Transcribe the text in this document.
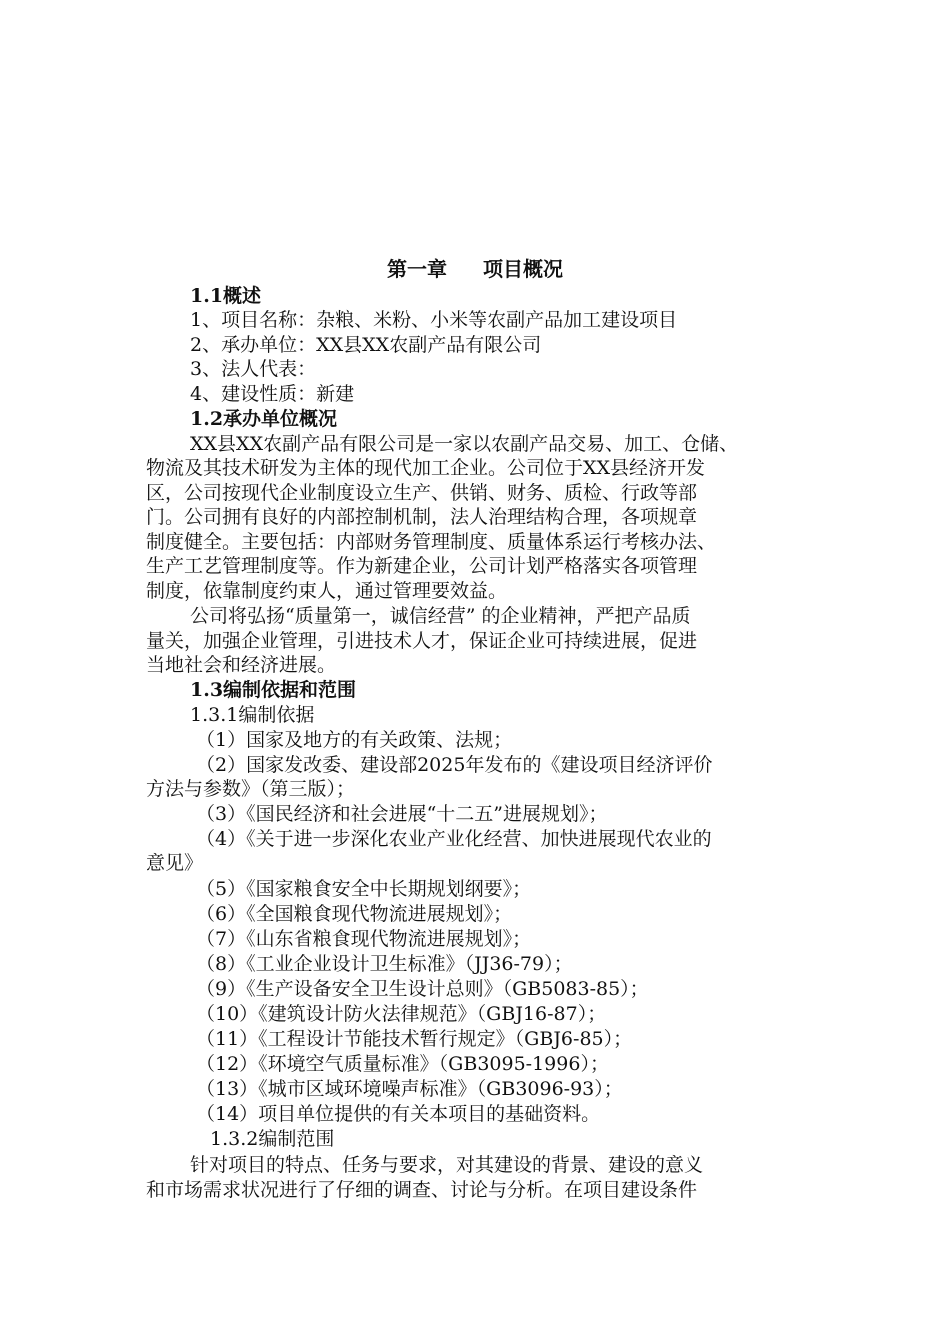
第一章 项目概况
1.1概述
1、项目名称：杂粮、米粉、小米等农副产品加工建设项目
2、承办单位：XX县XX农副产品有限公司
3、法人代表：
4、建设性质：新建
1.2承办单位概况
XX县XX农副产品有限公司是一家以农副产品交易、加工、仓储、
物流及其技术研发为主体的现代加工企业。公司位于XX县经济开发
区，公司按现代企业制度设立生产、供销、财务、质检、行政等部
门。公司拥有良好的内部控制机制，法人治理结构合理，各项规章
制度健全。主要包括：内部财务管理制度、质量体系运行考核办法、
生产工艺管理制度等。作为新建企业，公司计划严格落实各项管理
制度，依靠制度约束人，通过管理要效益。
公司将弘扬“质量第一，诚信经营” 的企业精神，严把产品质
量关，加强企业管理，引进技术人才，保证企业可持续进展，促进
当地社会和经济进展。
1.3编制依据和范围
1.3.1编制依据
（1）国家及地方的有关政策、法规；
（2）国家发改委、建设部2025年发布的《建设项目经济评价
方法与参数》（第三版）；
（3）《国民经济和社会进展“十二五”进展规划》；
（4）《关于进一步深化农业产业化经营、加快进展现代农业的
意见》
（5）《国家粮食安全中长期规划纲要》；
（6）《全国粮食现代物流进展规划》；
（7）《山东省粮食现代物流进展规划》；
（8）《工业企业设计卫生标准》（JJ36-79）；
（9）《生产设备安全卫生设计总则》（GB5083-85）；
（10）《建筑设计防火法律规范》（GBJ16-87）；
（11）《工程设计节能技术暂行规定》（GBJ6-85）；
（12）《环境空气质量标准》（GB3095-1996）；
（13）《城市区域环境噪声标准》（GB3096-93）；
（14）项目单位提供的有关本项目的基础资料。
1.3.2编制范围
针对项目的特点、任务与要求，对其建设的背景、建设的意义
和市场需求状况进行了仔细的调查、讨论与分析。在项目建设条件
